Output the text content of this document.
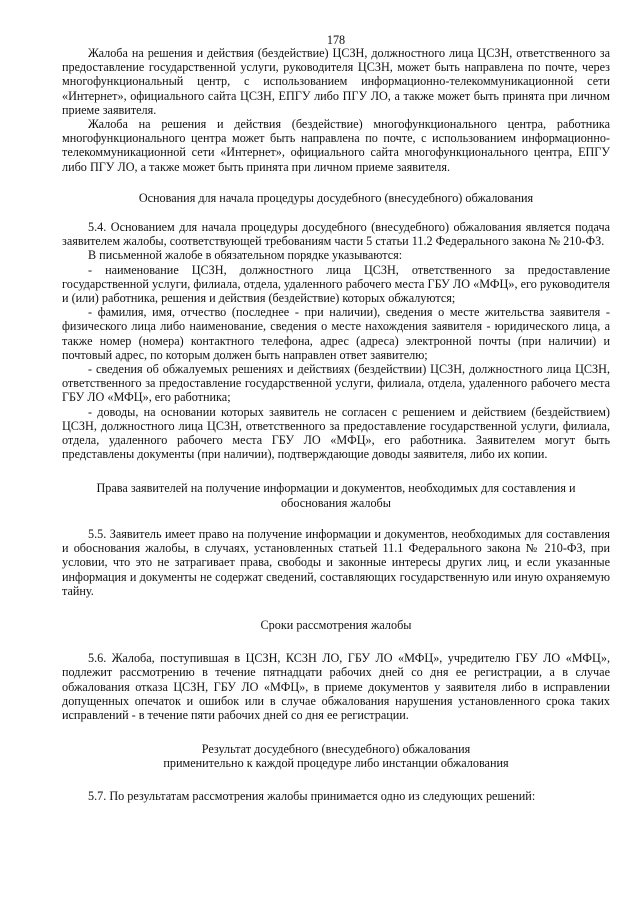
178

Жалоба на решения и действия (бездействие) ЦСЗН, должностного лица ЦСЗН, ответственного за предоставление государственной услуги, руководителя ЦСЗН, может быть направлена по почте, через многофункциональный центр, с использованием информационно-телекоммуникационной сети «Интернет», официального сайта ЦСЗН, ЕПГУ либо ПГУ ЛО, а также может быть принята при личном приеме заявителя.

Жалоба на решения и действия (бездействие) многофункционального центра, работника многофункционального центра может быть направлена по почте, с использованием информационно-телекоммуникационной сети «Интернет», официального сайта многофункционального центра, ЕПГУ либо ПГУ ЛО, а также может быть принята при личном приеме заявителя.

Основания для начала процедуры досудебного (внесудебного) обжалования

5.4. Основанием для начала процедуры досудебного (внесудебного) обжалования является подача заявителем жалобы, соответствующей требованиям части 5 статьи 11.2 Федерального закона № 210-ФЗ.

В письменной жалобе в обязательном порядке указываются:

- наименование ЦСЗН, должностного лица ЦСЗН, ответственного за предоставление государственной услуги, филиала, отдела, удаленного рабочего места ГБУ ЛО «МФЦ», его руководителя и (или) работника, решения и действия (бездействие) которых обжалуются;

- фамилия, имя, отчество (последнее - при наличии), сведения о месте жительства заявителя - физического лица либо наименование, сведения о месте нахождения заявителя - юридического лица, а также номер (номера) контактного телефона, адрес (адреса) электронной почты (при наличии) и почтовый адрес, по которым должен быть направлен ответ заявителю;

- сведения об обжалуемых решениях и действиях (бездействии) ЦСЗН, должностного лица ЦСЗН, ответственного за предоставление государственной услуги, филиала, отдела, удаленного рабочего места ГБУ ЛО «МФЦ», его работника;

- доводы, на основании которых заявитель не согласен с решением и действием (бездействием) ЦСЗН, должностного лица ЦСЗН, ответственного за предоставление государственной услуги, филиала, отдела, удаленного рабочего места ГБУ ЛО «МФЦ», его работника. Заявителем могут быть представлены документы (при наличии), подтверждающие доводы заявителя, либо их копии.

Права заявителей на получение информации и документов, необходимых для составления и
обоснования жалобы

5.5. Заявитель имеет право на получение информации и документов, необходимых для составления и обоснования жалобы, в случаях, установленных статьей 11.1 Федерального закона № 210-ФЗ, при условии, что это не затрагивает права, свободы и законные интересы других лиц, и если указанные информация и документы не содержат сведений, составляющих государственную или иную охраняемую тайну.

Сроки рассмотрения жалобы

5.6. Жалоба, поступившая в ЦСЗН, КСЗН ЛО, ГБУ ЛО «МФЦ», учредителю ГБУ ЛО «МФЦ», подлежит рассмотрению в течение пятнадцати рабочих дней со дня ее регистрации, а в случае обжалования отказа ЦСЗН, ГБУ ЛО «МФЦ», в приеме документов у заявителя либо в исправлении допущенных опечаток и ошибок или в случае обжалования нарушения установленного срока таких исправлений - в течение пяти рабочих дней со дня ее регистрации.

Результат досудебного (внесудебного) обжалования
применительно к каждой процедуре либо инстанции обжалования

5.7. По результатам рассмотрения жалобы принимается одно из следующих решений:
